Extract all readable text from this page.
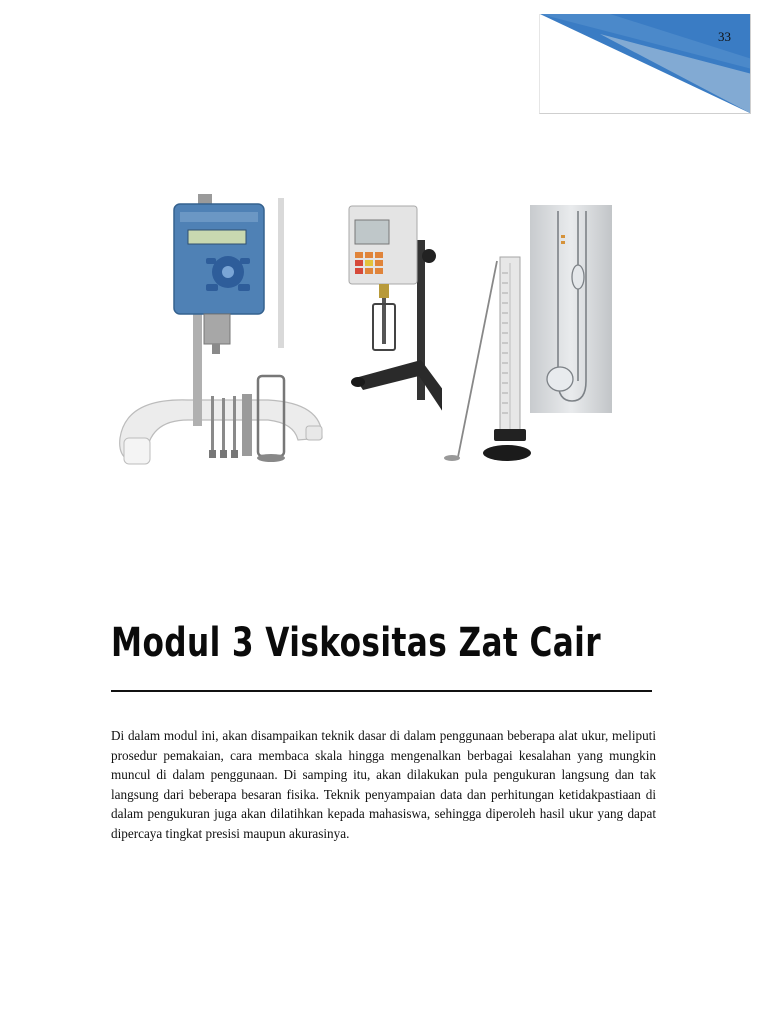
33
Modul 3 Viskositas Zat Cair
Di dalam modul ini, akan disampaikan teknik dasar di dalam penggunaan beberapa alat ukur, meliputi prosedur pemakaian, cara membaca skala hingga mengenalkan berbagai kesalahan yang mungkin muncul di dalam penggunaan. Di samping itu, akan dilakukan pula pengukuran langsung dan tak langsung dari beberapa besaran fisika. Teknik penyampaian data dan perhitungan ketidakpastiaan di dalam pengukuran juga akan dilatihkan kepada mahasiswa, sehingga diperoleh hasil ukur yang dapat dipercaya tingkat presisi maupun akurasinya.
